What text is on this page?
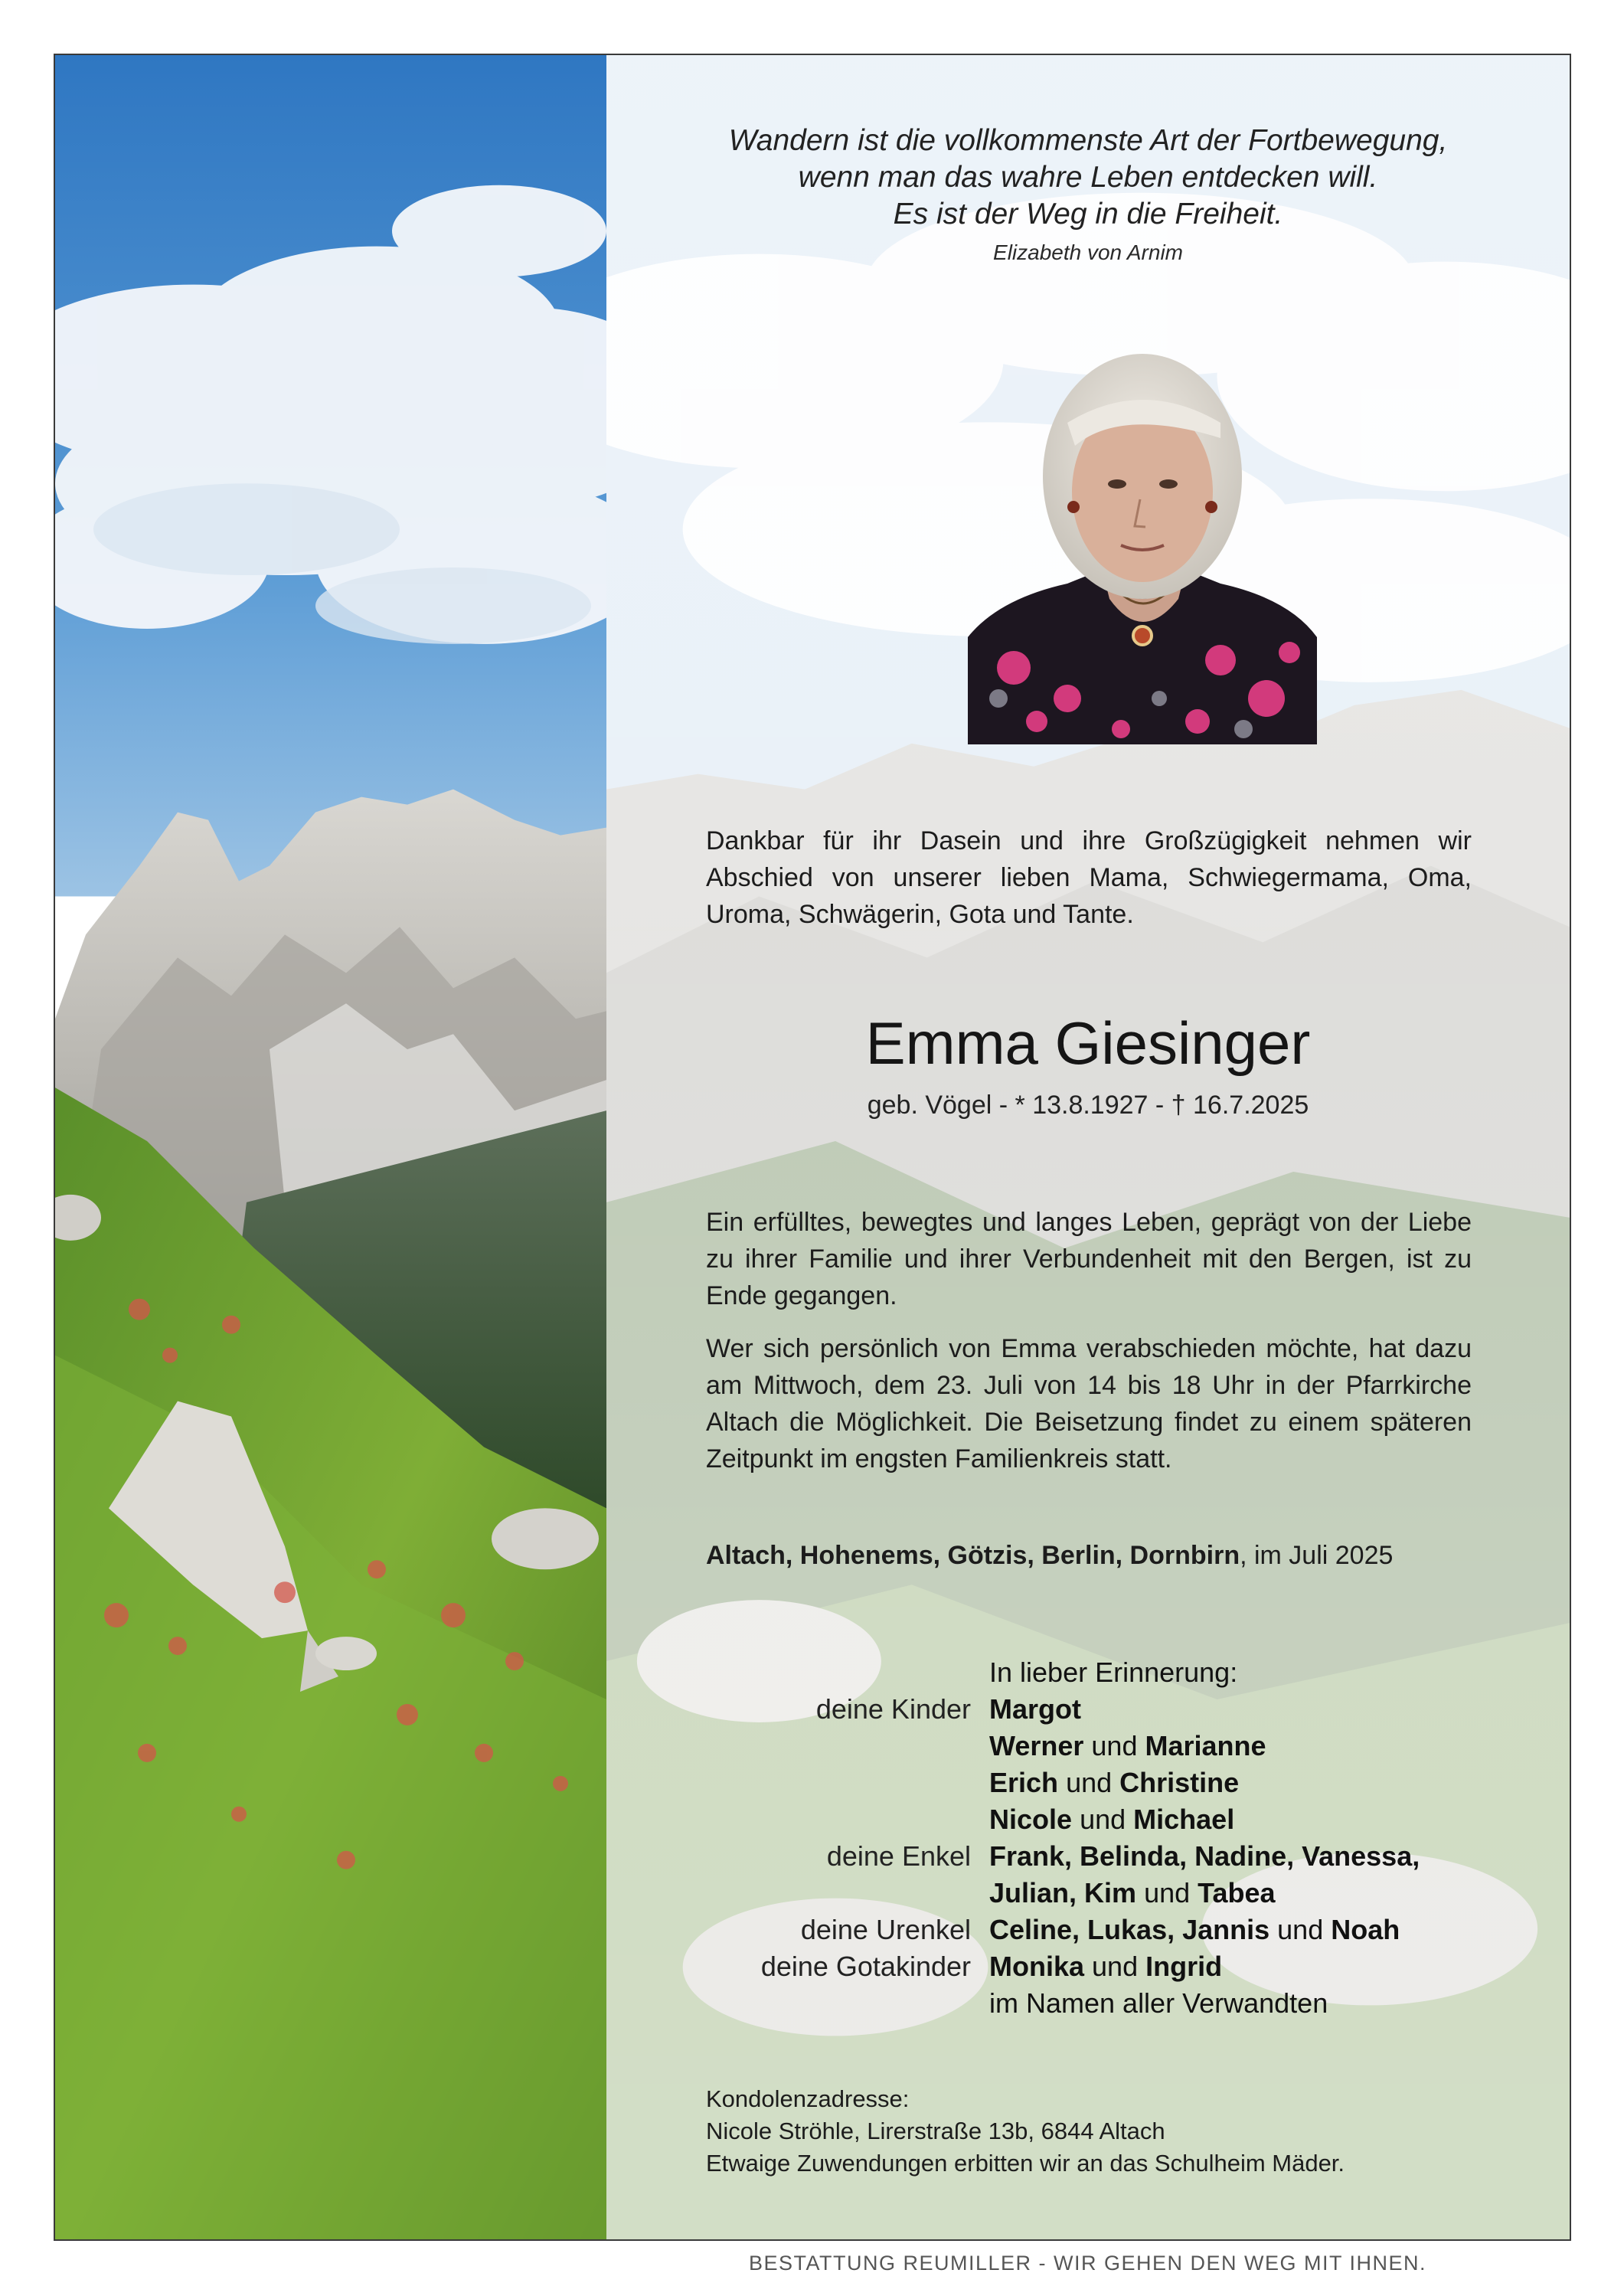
Wandern ist die vollkommenste Art der Fortbewegung,
wenn man das wahre Leben entdecken will.
Es ist der Weg in die Freiheit.
Elizabeth von Arnim
Dankbar für ihr Dasein und ihre Großzügigkeit nehmen wir Abschied von unserer lieben Mama, Schwiegermama, Oma, Uroma, Schwägerin, Gota und Tante.
Emma Giesinger
geb. Vögel - * 13.8.1927 - † 16.7.2025
Ein erfülltes, bewegtes und langes Leben, geprägt von der Liebe zu ihrer Familie und ihrer Verbundenheit mit den Bergen, ist zu Ende gegangen.
Wer sich persönlich von Emma verabschieden möchte, hat dazu am Mittwoch, dem 23. Juli von 14 bis 18 Uhr in der Pfarrkirche Altach die Möglichkeit. Die Beisetzung findet zu einem späteren Zeitpunkt im engsten Familienkreis statt.
Altach, Hohenems, Götzis, Berlin, Dornbirn, im Juli 2025
In lieber Erinnerung:
deine Kinder Margot
Werner und Marianne
Erich und Christine
Nicole und Michael
deine Enkel Frank, Belinda, Nadine, Vanessa,
Julian, Kim und Tabea
deine Urenkel Celine, Lukas, Jannis und Noah
deine Gotakinder Monika und Ingrid
im Namen aller Verwandten
Kondolenzadresse:
Nicole Ströhle, Lirerstraße 13b, 6844 Altach
Etwaige Zuwendungen erbitten wir an das Schulheim Mäder.
BESTATTUNG REUMILLER - WIR GEHEN DEN WEG MIT IHNEN.
